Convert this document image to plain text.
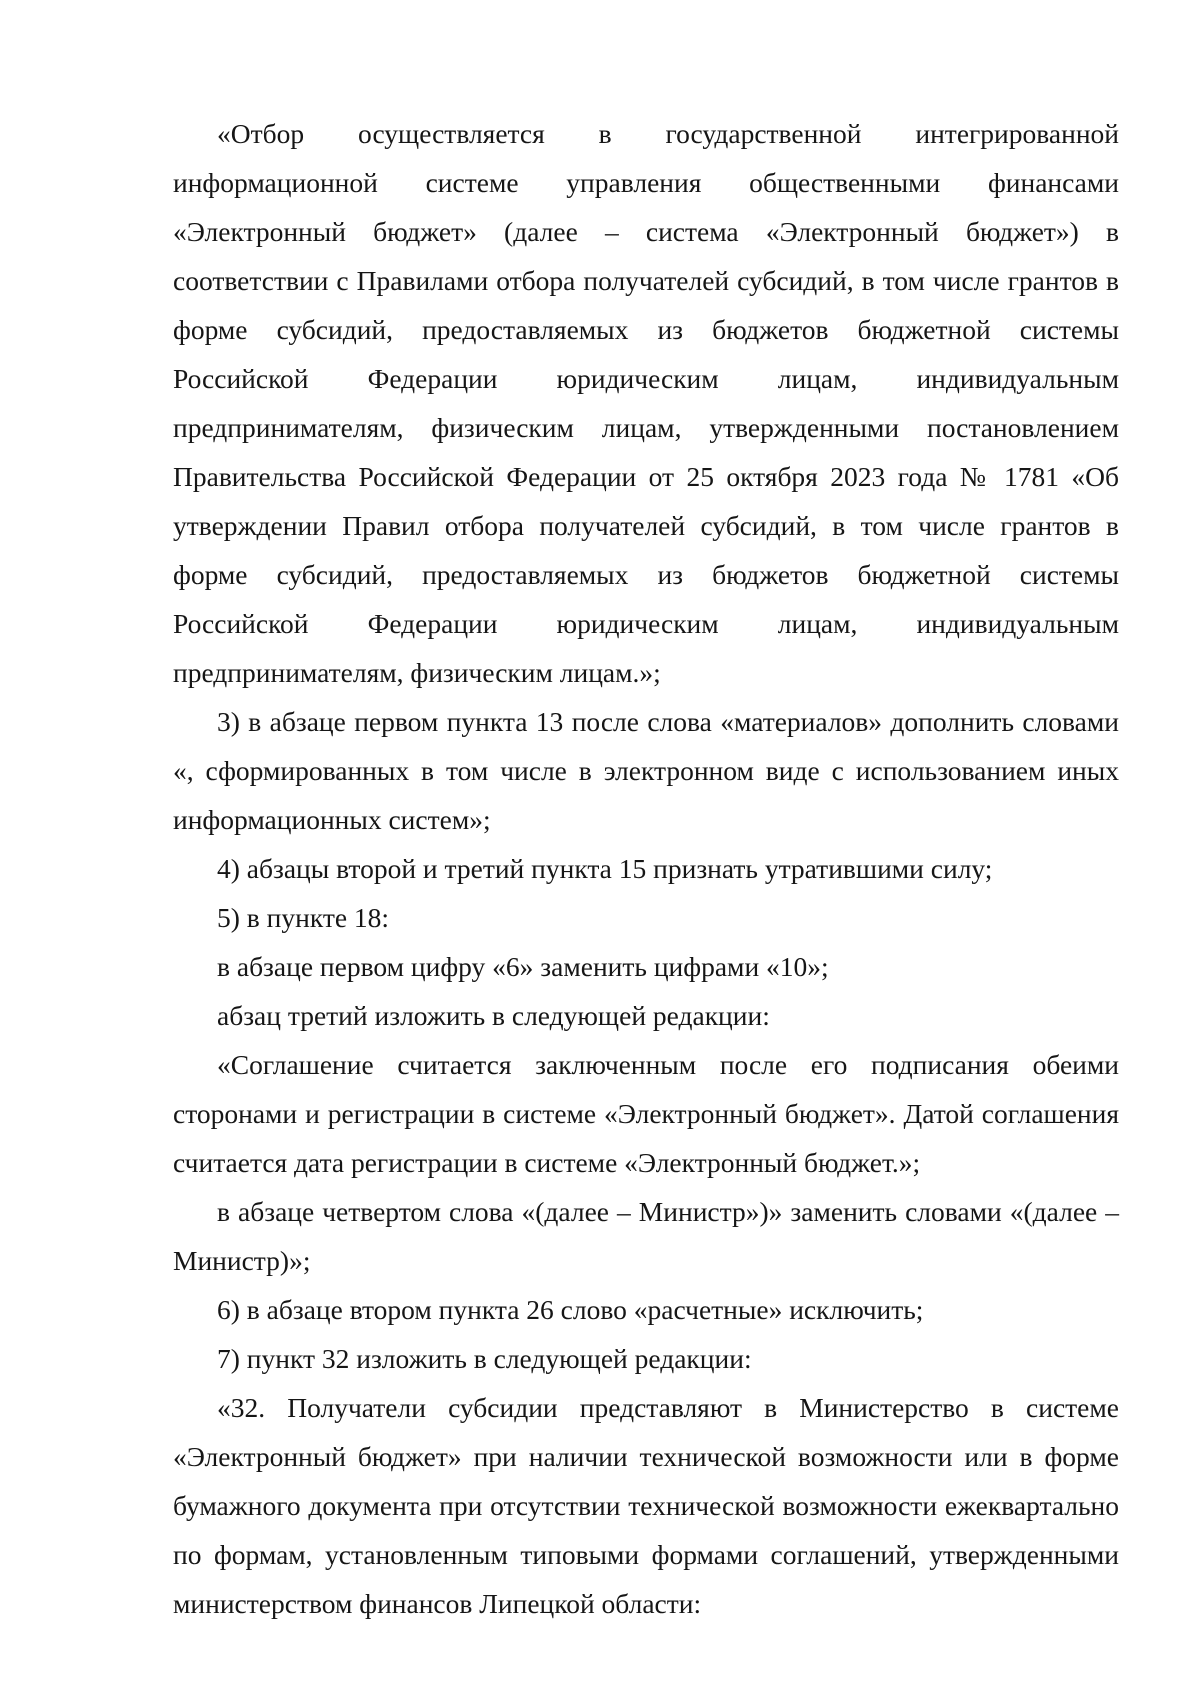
«Отбор осуществляется в государственной интегрированной информационной системе управления общественными финансами «Электронный бюджет» (далее – система «Электронный бюджет») в соответствии с Правилами отбора получателей субсидий, в том числе грантов в форме субсидий, предоставляемых из бюджетов бюджетной системы Российской Федерации юридическим лицам, индивидуальным предпринимателям, физическим лицам, утвержденными постановлением Правительства Российской Федерации от 25 октября 2023 года № 1781 «Об утверждении Правил отбора получателей субсидий, в том числе грантов в форме субсидий, предоставляемых из бюджетов бюджетной системы Российской Федерации юридическим лицам, индивидуальным предпринимателям, физическим лицам.»;

3) в абзаце первом пункта 13 после слова «материалов» дополнить словами «, сформированных в том числе в электронном виде с использованием иных информационных систем»;

4) абзацы второй и третий пункта 15 признать утратившими силу;

5) в пункте 18:

в абзаце первом цифру «6» заменить цифрами «10»;

абзац третий изложить в следующей редакции:

«Соглашение считается заключенным после его подписания обеими сторонами и регистрации в системе «Электронный бюджет». Датой соглашения считается дата регистрации в системе «Электронный бюджет.»;

в абзаце четвертом слова «(далее – Министр»)» заменить словами «(далее – Министр)»;

6) в абзаце втором пункта 26 слово «расчетные» исключить;

7) пункт 32 изложить в следующей редакции:

«32. Получатели субсидии представляют в Министерство в системе «Электронный бюджет» при наличии технической возможности или в форме бумажного документа при отсутствии технической возможности ежеквартально по формам, установленным типовыми формами соглашений, утвержденными министерством финансов Липецкой области:
